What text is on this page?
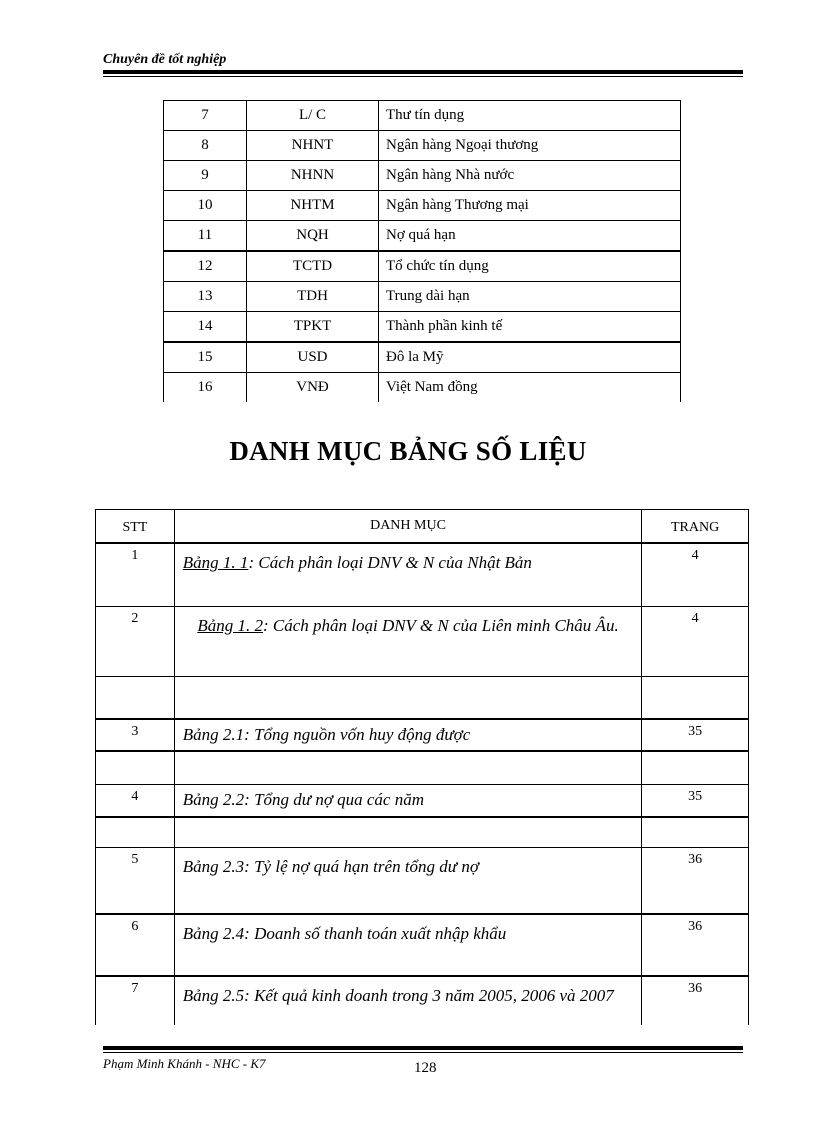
Chuyên đề tốt nghiệp
7	L/ C	Thư tín dụng
8	NHNT	Ngân hàng Ngoại thương
9	NHNN	Ngân hàng Nhà nước
10	NHTM	Ngân hàng Thương mại
11	NQH	Nợ quá hạn
12	TCTD	Tổ chức tín dụng
13	TDH	Trung dài hạn
14	TPKT	Thành phần kinh tế
15	USD	Đô la Mỹ
16	VNĐ	Việt Nam đồng
DANH MỤC BẢNG SỐ LIỆU
STT	DANH MỤC	TRANG
1	Bảng 1. 1: Cách phân loại DNV & N của Nhật Bản	4
2	Bảng 1. 2: Cách phân loại DNV & N của Liên minh Châu Âu.	4

3	Bảng 2.1: Tổng nguồn vốn huy động được	35

4	Bảng 2.2: Tổng dư nợ qua các năm	35

5	Bảng 2.3: Tỷ lệ nợ quá hạn trên tổng dư nợ	36
6	Bảng 2.4: Doanh số thanh toán xuất nhập khẩu	36
7	Bảng 2.5: Kết quả kinh doanh trong 3 năm 2005, 2006 và 2007	36
Phạm Minh Khánh - NHC - K7	128
